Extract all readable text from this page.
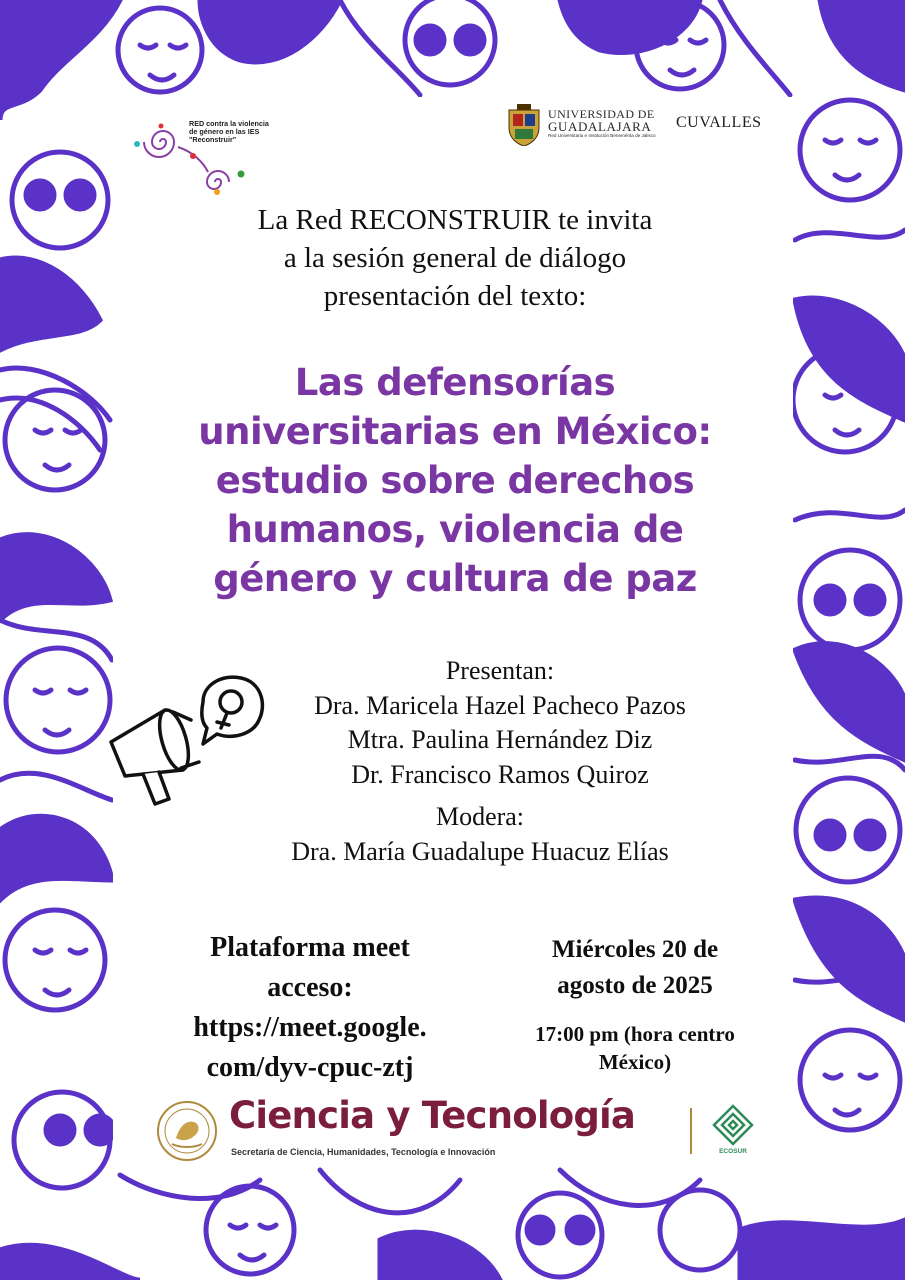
RED contra la violencia
de género en las IES
"Reconstruir"
UNIVERSIDAD DE
GUADALAJARA
Red Universitaria e Institución Benemérita de Jalisco
CUVALLES
La Red RECONSTRUIR te invita
a la sesión general de diálogo
presentación del texto:
Las defensorías
universitarias en México:
estudio sobre derechos
humanos, violencia de
género y cultura de paz
Presentan:
Dra. Maricela Hazel Pacheco Pazos
Mtra. Paulina Hernández Diz
Dr. Francisco Ramos Quiroz
Modera:
Dra. María Guadalupe Huacuz Elías
Plataforma meet
acceso:
https://meet.google.
com/dyv-cpuc-ztj
Miércoles 20 de
agosto de 2025
17:00 pm (hora centro
México)
Ciencia y Tecnología
Secretaría de Ciencia, Humanidades, Tecnología e Innovación	ECOSUR
